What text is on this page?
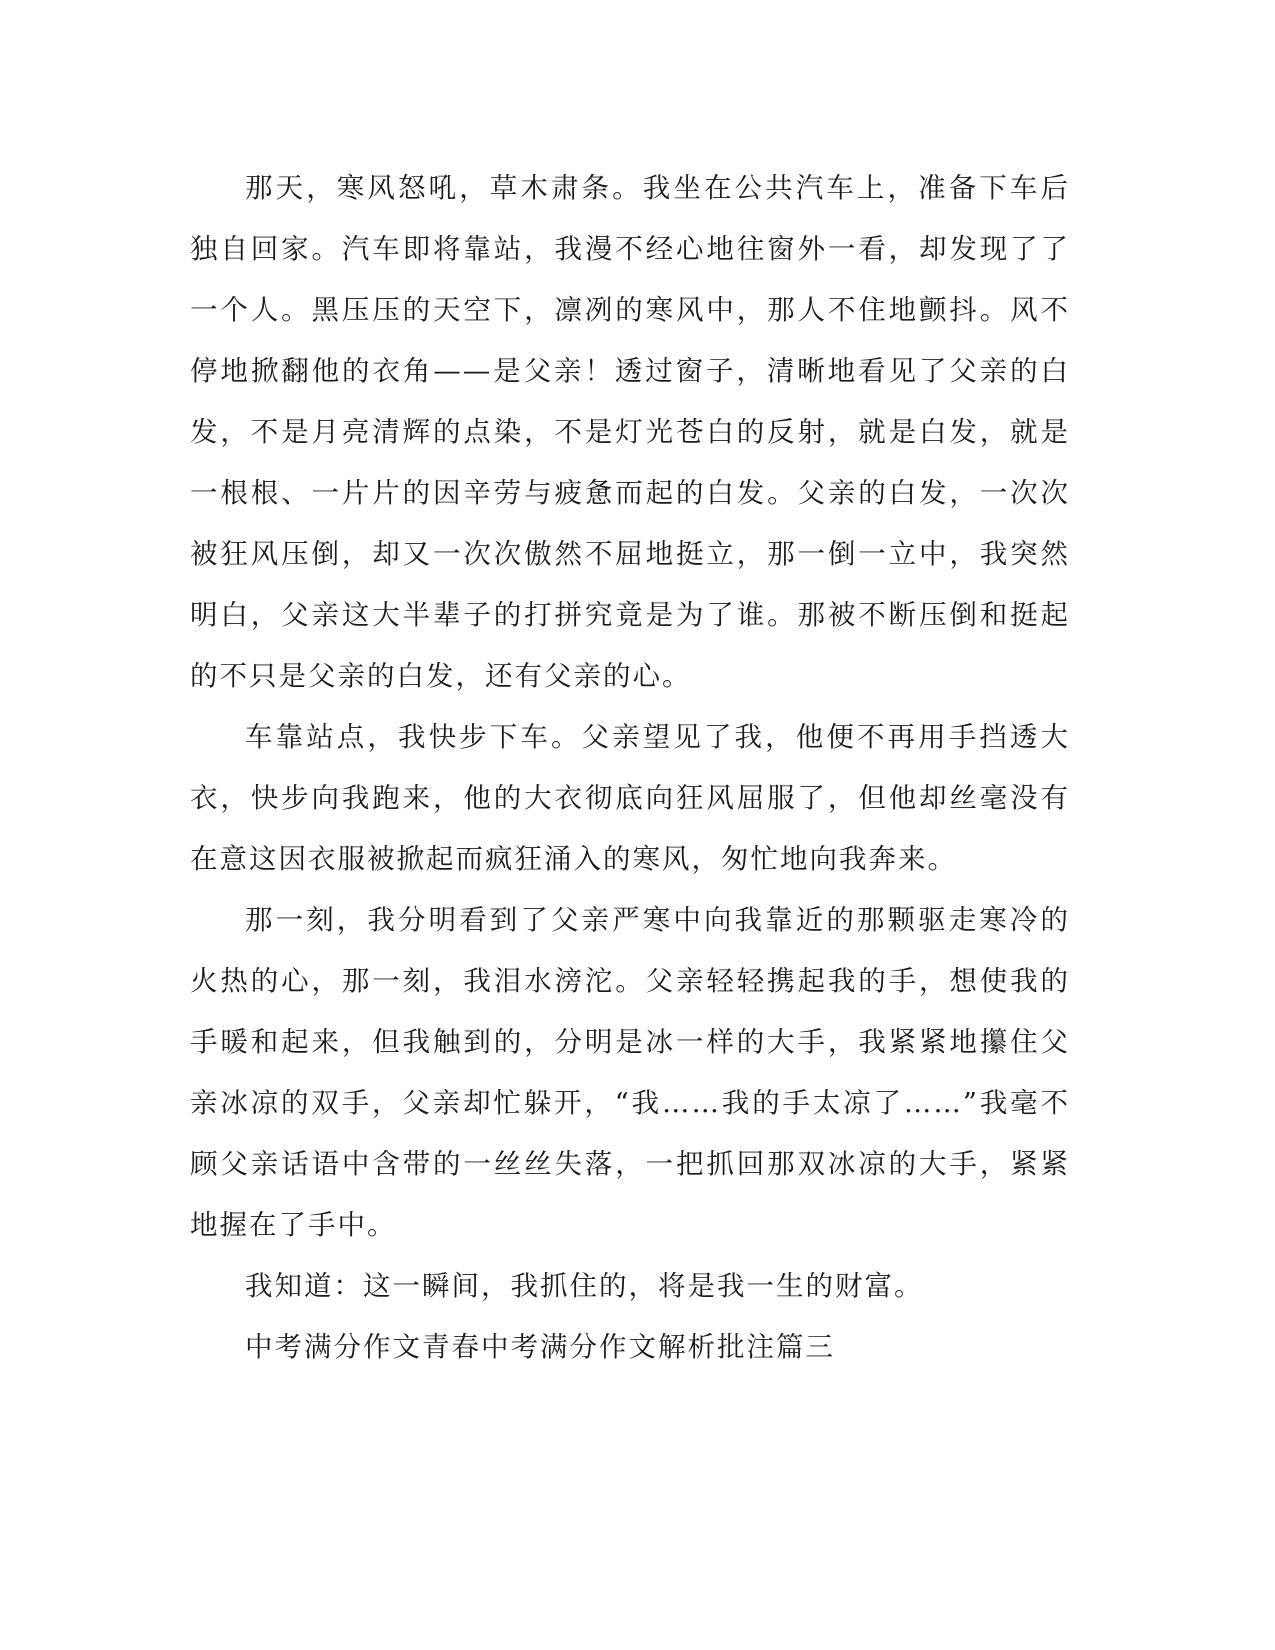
那天，寒风怒吼，草木肃条。我坐在公共汽车上，准备下车后独自回家。汽车即将靠站，我漫不经心地往窗外一看，却发现了了一个人。黑压压的天空下，凛冽的寒风中，那人不住地颤抖。风不停地掀翻他的衣角——是父亲！透过窗子，清晰地看见了父亲的白发，不是月亮清辉的点染，不是灯光苍白的反射，就是白发，就是一根根、一片片的因辛劳与疲惫而起的白发。父亲的白发，一次次被狂风压倒，却又一次次傲然不屈地挺立，那一倒一立中，我突然明白，父亲这大半辈子的打拼究竟是为了谁。那被不断压倒和挺起的不只是父亲的白发，还有父亲的心。

车靠站点，我快步下车。父亲望见了我，他便不再用手挡透大衣，快步向我跑来，他的大衣彻底向狂风屈服了，但他却丝毫没有在意这因衣服被掀起而疯狂涌入的寒风，匆忙地向我奔来。

那一刻，我分明看到了父亲严寒中向我靠近的那颗驱走寒冷的火热的心，那一刻，我泪水滂沱。父亲轻轻携起我的手，想使我的手暖和起来，但我触到的，分明是冰一样的大手，我紧紧地攥住父亲冰凉的双手，父亲却忙躲开，“我……我的手太凉了……”我毫不顾父亲话语中含带的一丝丝失落，一把抓回那双冰凉的大手，紧紧地握在了手中。

我知道：这一瞬间，我抓住的，将是我一生的财富。

中考满分作文青春中考满分作文解析批注篇三
